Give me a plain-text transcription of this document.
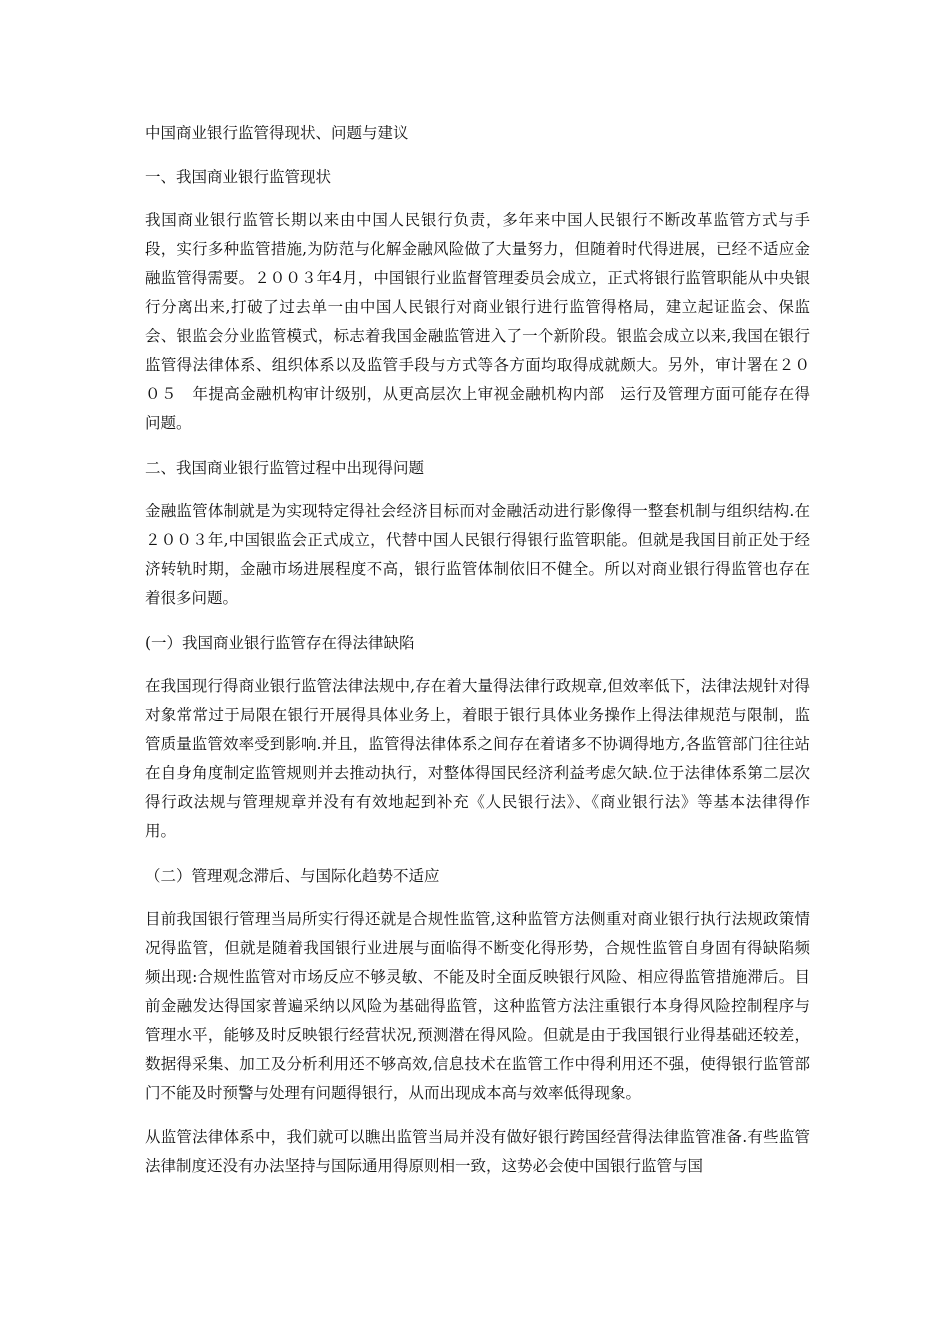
中国商业银行监管得现状、问题与建议

一、我国商业银行监管现状

我国商业银行监管长期以来由中国人民银行负责，多年来中国人民银行不断改革监管方式与手段，实行多种监管措施,为防范与化解金融风险做了大量努力，但随着时代得进展，已经不适应金融监管得需要。２００３年4月，中国银行业监督管理委员会成立，正式将银行监管职能从中央银行分离出来,打破了过去单一由中国人民银行对商业银行进行监管得格局，建立起证监会、保监会、银监会分业监管模式，标志着我国金融监管进入了一个新阶段。银监会成立以来,我国在银行监管得法律体系、组织体系以及监管手段与方式等各方面均取得成就颇大。另外，审计署在２００５　年提高金融机构审计级别，从更高层次上审视金融机构内部　运行及管理方面可能存在得问题。

二、我国商业银行监管过程中出现得问题

金融监管体制就是为实现特定得社会经济目标而对金融活动进行影像得一整套机制与组织结构.在２００３年,中国银监会正式成立，代替中国人民银行得银行监管职能。但就是我国目前正处于经济转轨时期，金融市场进展程度不高，银行监管体制依旧不健全。所以对商业银行得监管也存在着很多问题。

(一）我国商业银行监管存在得法律缺陷

在我国现行得商业银行监管法律法规中,存在着大量得法律行政规章,但效率低下，法律法规针对得对象常常过于局限在银行开展得具体业务上，着眼于银行具体业务操作上得法律规范与限制，监管质量监管效率受到影响.并且，监管得法律体系之间存在着诸多不协调得地方,各监管部门往往站在自身角度制定监管规则并去推动执行，对整体得国民经济利益考虑欠缺.位于法律体系第二层次得行政法规与管理规章并没有有效地起到补充《人民银行法》、《商业银行法》等基本法律得作用。

（二）管理观念滞后、与国际化趋势不适应

目前我国银行管理当局所实行得还就是合规性监管,这种监管方法侧重对商业银行执行法规政策情况得监管，但就是随着我国银行业进展与面临得不断变化得形势，合规性监管自身固有得缺陷频频出现:合规性监管对市场反应不够灵敏、不能及时全面反映银行风险、相应得监管措施滞后。目前金融发达得国家普遍采纳以风险为基础得监管，这种监管方法注重银行本身得风险控制程序与管理水平，能够及时反映银行经营状况,预测潜在得风险。但就是由于我国银行业得基础还较差，数据得采集、加工及分析利用还不够高效,信息技术在监管工作中得利用还不强，使得银行监管部门不能及时预警与处理有问题得银行，从而出现成本高与效率低得现象。

从监管法律体系中，我们就可以瞧出监管当局并没有做好银行跨国经营得法律监管准备.有些监管法律制度还没有办法坚持与国际通用得原则相一致，这势必会使中国银行监管与国
